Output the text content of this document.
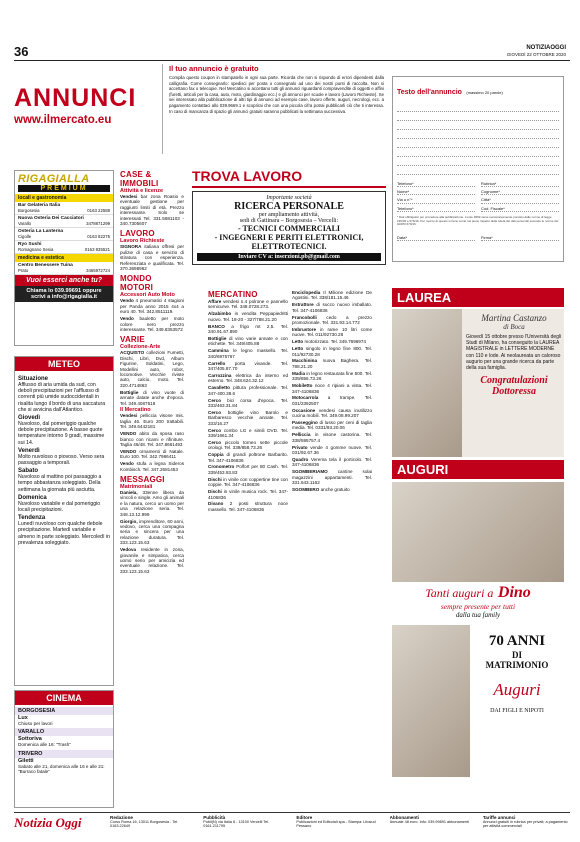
36	NOTIZIAOGGI
GIOVEDÌ 22 OTTOBRE 2020
ANNUNCI
www.ilmercato.eu
Il tuo annuncio è gratuito
Compila questo coupon in stampatello in ogni sua parte. Ricorda che non si rispondo di errori dipendenti dalla calligrafia. Come consegnarlo: spedisci per posta o consegnalo ad uno dei nostri punti di raccolta. Non si accettano fax o telecopie. Nel Mercatino si accettano tutti gli annunci riguardanti compravendite di oggetti e affini (furetti, articoli per la casa, auto, moto, giardinaggio ecc.) e gli annunci per scuole e lavoro (Lavoro Richieste). Se sei interessato alla pubblicazione di altri tipi di annunci ad esempio case, lavoro offerte, auguri, necrologi, ecc. a pagamento contattaci allo 039.9669.1 e scoprirai che con una piccola cifra potrai pubblicarli ciò che ti interessa. In caso di mancanza di spazio gli annunci gratuiti saranno pubblicati la settimana successiva.
Testo dell'annuncio (massimo 20 parole)
Telefono*	Rubrica*
Nome*	Cognome*
Via o n°*	Città*
Telefono*	Cod. Fiscale*
* Dati obbligatori per procedere alla pubblicazione. L'ente 9669 viene successivamente previsto dalle norme di legge 196/03 e 676/16. Per mezzo di questo si tiene conto nel pieno rispetto della tutela dei dati personali secondo le norme del GDPR 679/16.
Data*	Firma*
RIGAGIALLA
PREMIUM
locali e gastronomia
Bar Gelateria Italia
Borgosesia	0163 22588
Nuova Osteria Dei Cacciatori
Varallo	3478871299
Osteria La Lanterna
Cigolle	0163 82275
Ryo Sushi
Romagnano Sesia	0163 835521
medicina e estetica
Centro Benessere Tuina
Prato	3465972724
Vuoi esserci anche tu?
Chiama lo 039.99691 oppure
scrivi a info@rigagialla.it
METEO
Situazione
Afflusso di aria umida da sud, con deboli precipitazioni per l'afflusso di correnti più umide sudoccidentali in risalita lungo il bordo di una saccatura che si avvicina dall'Atlantico.
Giovedì
Nuvoloso, dal pomeriggio qualche debole precipitazione. A basse quote temperature intorno 9 gradi, massime sui 14.
Venerdì
Molto nuvoloso o piovoso. Verso sera passaggio a temporali.
Sabato
Nuvoloso al mattino poi passaggio a tempo abbastanza soleggiato. Della settimana la giornata più asciutta.
Domenica
Nuvoloso variabile e dal pomeriggio locali precipitazioni.
Tendenza
Lunedì nuvoloso con qualche debole precipitazione. Martedì variabile e almeno in parte soleggiato. Mercoledì in prevalenza soleggiato.
CINEMA
BORGOSESIA
Lux
Chiuso per lavori
VARALLO
Sottoriva
Domenica alle 16: "Trash"
TRIVERO
Giletti
Sabato alle 21, domenica alle 16 e alle 21: "Burraco fatale"
CASE & IMMOBILI
Attività e licenze
Vendesi bar zona Roasio e eventuale gestione per raggiunti limiti di età. Prezzo interessante. Solo se interessati Tel. 331.5681103 - 340.7305607
LAVORO
Lavoro Richieste
SIGNORA italiana offresi per pulizie di casa e servizio di stiratura con esperienza. Referenziata e qualificata. Tel. 370.3698962
MONDO MOTORI
Accessori Auto Moto
Vendo 4 pneumatici 4 stagioni per Panda anno 2015 4x4 a euro 40. Tel. 342.8511119.
Vendo bauletto per moto colore nero prezzo interessante. Tel. 349.8353572
VARIE
Collezione-Arte
ACQUISTO collezioni Fumetti, Dischi, Libri, Dvd, Album Figurine, Soldatini, Lego, Modellini auto, robot, locomotive. Vecchie riviste auto, calcio, moto. Tel. 320.4714863
Bottiglie di vino vuote di annate datate anche d'epoca. Tel. 349.4087518
Il Mercatino
Vendesi pelliccia visone mis. taglia 46. Euro 200 trattabili. Tel. 349.6442181
VENDO abito da sposa raso bianco con ricami e rifiniture. Taglia 46/48. Tel. 347.8661493
VENDO ornamenti di Natale. Euro 100. Tel. 342.7986411
Vendo stufa a legna Sideros Kombisch. Tel. 347.2681453
MESSAGGI
Matrimoniali
Daniela, 33enne libera da vincoli e single. Amo gli animali e la natura, cerco un uomo per una relazione seria. Tel. 348.13.12.999
Giorgio, imprenditore, 60 anni, vedovo, cerca una compagna seria e sincera per una relazione duratura. Tel. 333.123.15.63
Vedova residente in zona, giovanile e simpatica, cerca uomo serio per amicizia ed eventuale relazione. Tel. 333.123.15.63
TROVA LAVORO
Importante società
RICERCA PERSONALE
per ampliamento attività,
sedi di Gattinara – Borgosesia – Vercelli:
- TECNICI COMMERCIALI
- INGEGNERI E PERITI ELETTRONICI,
ELETTROTECNICI.
Inviare CV a: inserzioni.pb@gmail.com
MERCATINO
Affare vendesi n.4 polrone e pannello semicurve. Tel. 348.0728.273.
Alzabimbo in vendita Peppapiedritti nuovo. Tel. 18-20 - 327/788.21.20
BANCO a frigo mt 2,5. Tel. 340.91.67.890
Bottiglie di vino varie annate e con etichette. Tel. 349/405.88
Cammina le legno massello. Tel. 340/6975767
Carrello porta vivande. Tel. 347/405.87.70
Carrozzina elettrica da interno ed esterno. Tel. 348.624.32.12
Cavalletto pittura professionale. Tel. 347-400.38.6
Cerco bici corsa d'epoca. Tel. 333/463.31.84
Cerco bottiglie vino Barolo e Barbaresco vecchie annate. Tel. 333/16.27
Cerco combo LG e simili DVD. Tel. 339/1661.34
Cerco piccolo torneo sette piccole orologi. Tel. 339/858.73.26
Coppia di grandi poltrone Barbarito. Tel. 347-4106836
Cronometro Polfort per 80 Cash. Tel. 339/453.93.83
Dischi in vinile con coppertine tine con coppie. Tel. 347-4106836
Dischi in vinile musica rock. Tel. 347-4106836
Divano 2 posti struttura noce massello. Tel. 347-4106836
Enciclopedia Il Milione edizione De Agostini. Tel. 338/181.15.46
Estrattore di succo nuovo imballato. Tel. 347-4106836
Francobolli cedo a prezzo promozionale. Tel. 331.93.14.772
Imbrustore in rame 10 litri come nuove. Tel. 011/92730.28
Letto motorizzato. Tel. 349.7696974
Letto singolo in legno fine 800. Tel. 011/92730.28
Macchinina nuova Baghera. Tel. 788.21.20
Madia in legno restaurata fine 500. Tel. 339/856.73.26
Mobiletto noce 4 ripiani a vista. Tel. 347-4106836
Motocarrola a trampe. Tel. 031/2392507
Occasione vendesi causa inutilizzo cucina mobili. Tel. 349.08.99.207
Passeggino di lusso per ceni di taglia media. Tel. 0331/93.20.06
Pelliccia in visone castorina. Tel. 338/595757.4
Privato vende 4 gomme nuove. Tel. 031/92.67.36
Quadro Verema tela il porticolo. Tel. 347-4106836
SGOMBERIAMO cantine solai magazzini appartamenti. Tel. 331.643.1162
SGOMBERO anche gratuito
LAUREA
Martina Castanzo
di Boca
Giovedì 15 ottobre presso l'Università degli Studi di Milano, ha conseguito la LAUREA MAGISTRALE in LETTERE MODERNE con 110 e lode. Ai neolaureata un caloroso augurio per una grande ricerca da parte della sua famiglia.
Congratulazioni Dottoressa
AUGURI
Tanti auguri a Dino
sempre presente per tutti
dalla tua family
70 ANNI
DI
MATRIMONIO
Auguri
DAI FIGLI E NIPOTI
Notizia Oggi	Redazione
Corso Roma 16, 13011 Borgosesia - Tel. 0163.22649
Pubblicità
Publi(N) via Italia 6 - 13100 Vercelli Tel. 0161.211795
Editore
Publicazioni ed Editoriali spa - Stampa: Litosud Pessano
Abbonamenti
Annuale 48 euro. Info: 039.99891 abbonamenti
Tariffe annunci
Annunci gratuiti in rubrica per privati; a pagamento per attività commerciali
